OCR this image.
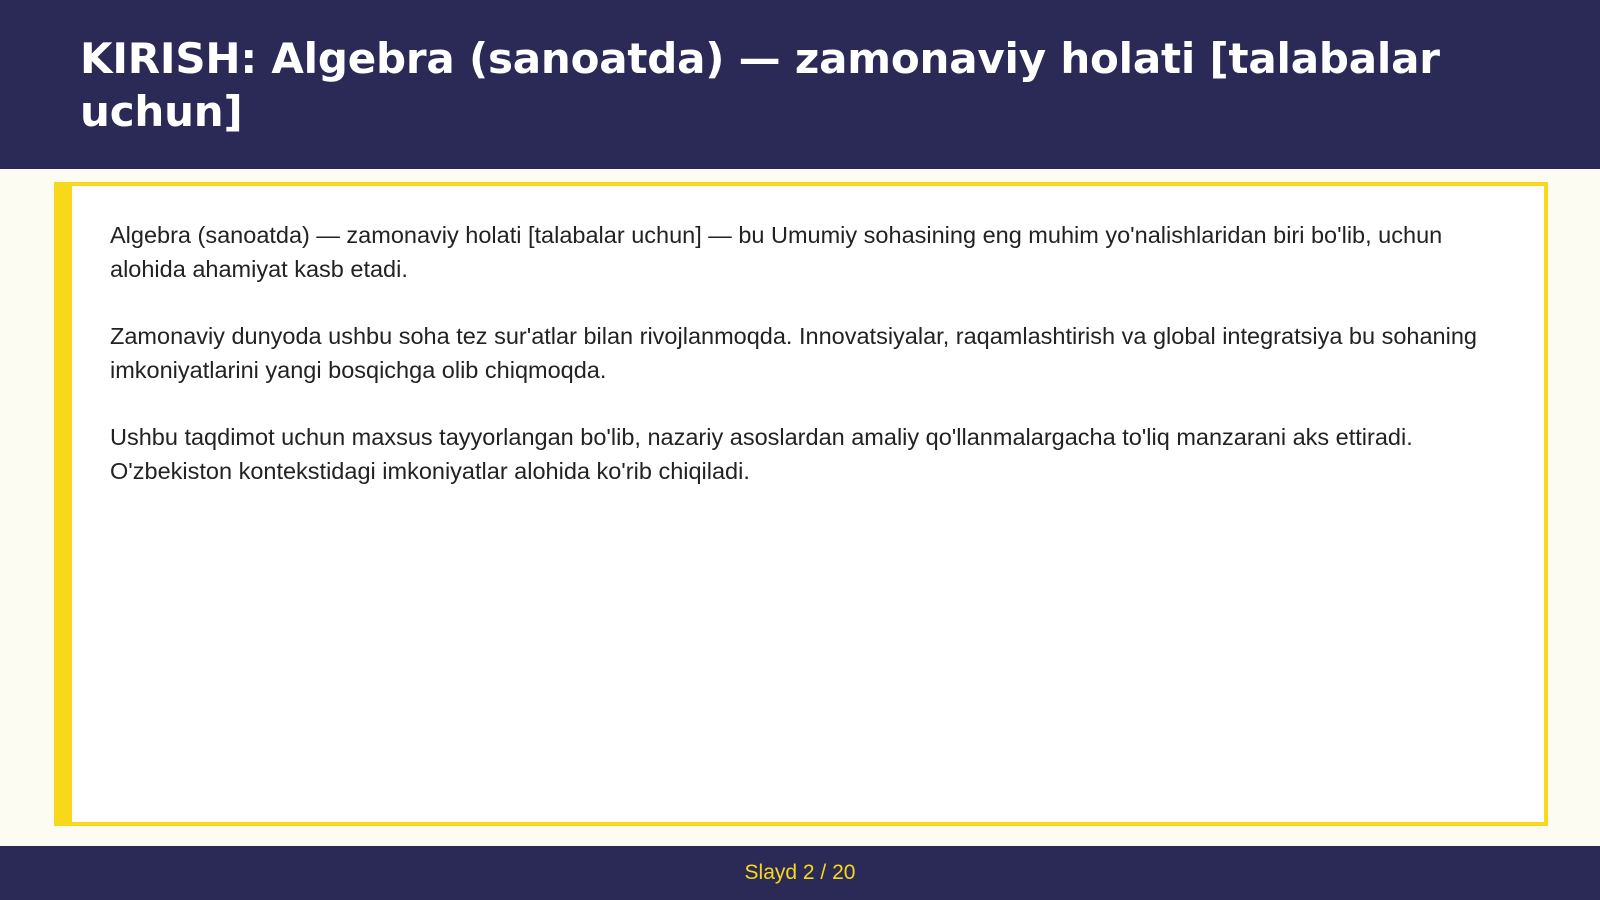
KIRISH: Algebra (sanoatda) — zamonaviy holati [talabalar uchun]

Algebra (sanoatda) — zamonaviy holati [talabalar uchun] — bu Umumiy sohasining eng muhim yo'nalishlaridan biri bo'lib, uchun alohida ahamiyat kasb etadi.

Zamonaviy dunyoda ushbu soha tez sur'atlar bilan rivojlanmoqda. Innovatsiyalar, raqamlashtirish va global integratsiya bu sohaning imkoniyatlarini yangi bosqichga olib chiqmoqda.

Ushbu taqdimot uchun maxsus tayyorlangan bo'lib, nazariy asoslardan amaliy qo'llanmalargacha to'liq manzarani aks ettiradi. O'zbekiston kontekstidagi imkoniyatlar alohida ko'rib chiqiladi.

Slayd 2 / 20
